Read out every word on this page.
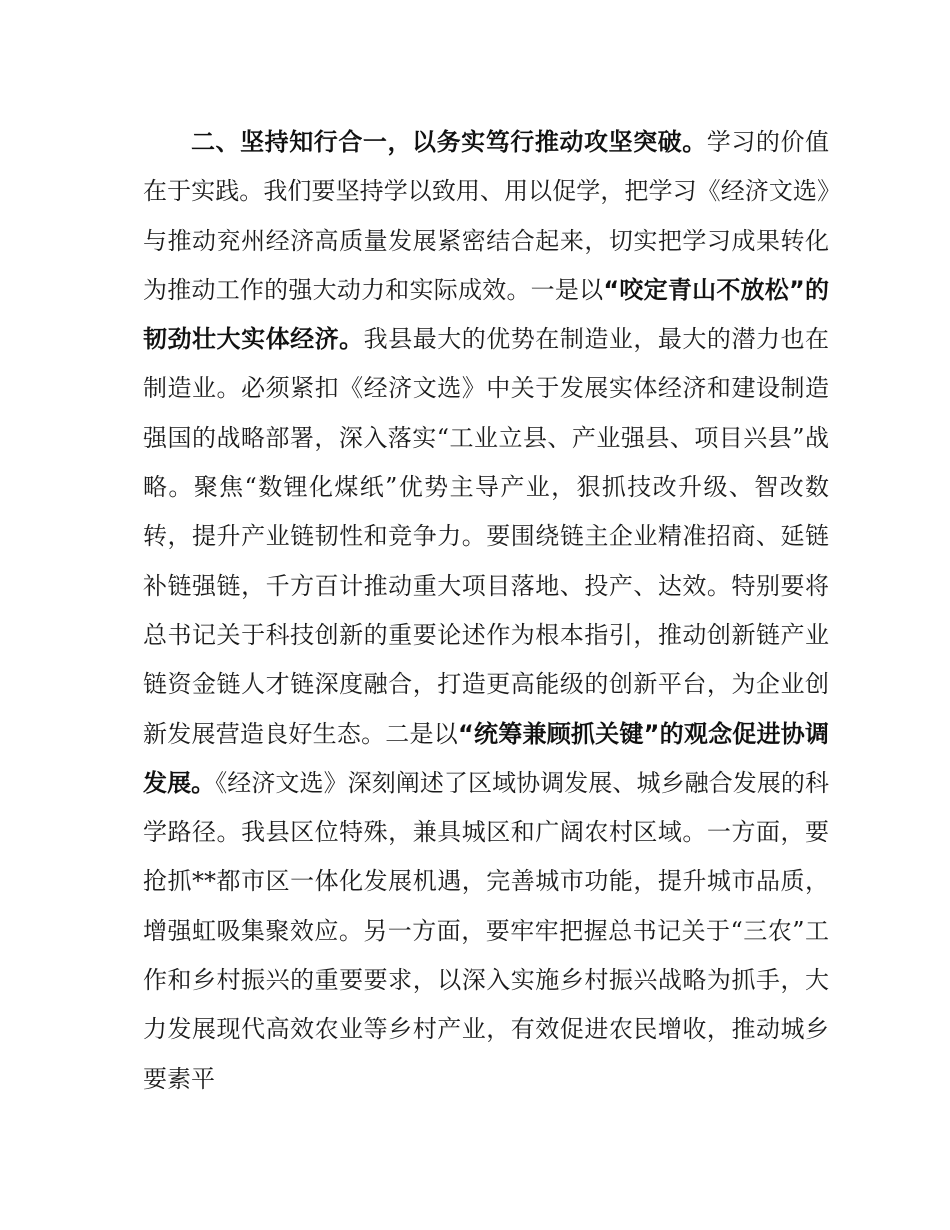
二、坚持知行合一，以务实笃行推动攻坚突破。学习的价值在于实践。我们要坚持学以致用、用以促学，把学习《经济文选》与推动兖州经济高质量发展紧密结合起来，切实把学习成果转化为推动工作的强大动力和实际成效。一是以“咬定青山不放松”的韧劲壮大实体经济。我县最大的优势在制造业，最大的潜力也在制造业。必须紧扣《经济文选》中关于发展实体经济和建设制造强国的战略部署，深入落实“工业立县、产业强县、项目兴县”战略。聚焦“数锂化煤纸”优势主导产业，狠抓技改升级、智改数转，提升产业链韧性和竞争力。要围绕链主企业精准招商、延链补链强链，千方百计推动重大项目落地、投产、达效。特别要将总书记关于科技创新的重要论述作为根本指引，推动创新链产业链资金链人才链深度融合，打造更高能级的创新平台，为企业创新发展营造良好生态。二是以“统筹兼顾抓关键”的观念促进协调发展。《经济文选》深刻阐述了区域协调发展、城乡融合发展的科学路径。我县区位特殊，兼具城区和广阔农村区域。一方面，要抢抓**都市区一体化发展机遇，完善城市功能，提升城市品质，增强虹吸集聚效应。另一方面，要牢牢把握总书记关于“三农”工作和乡村振兴的重要要求，以深入实施乡村振兴战略为抓手，大力发展现代高效农业等乡村产业，有效促进农民增收，推动城乡要素平
